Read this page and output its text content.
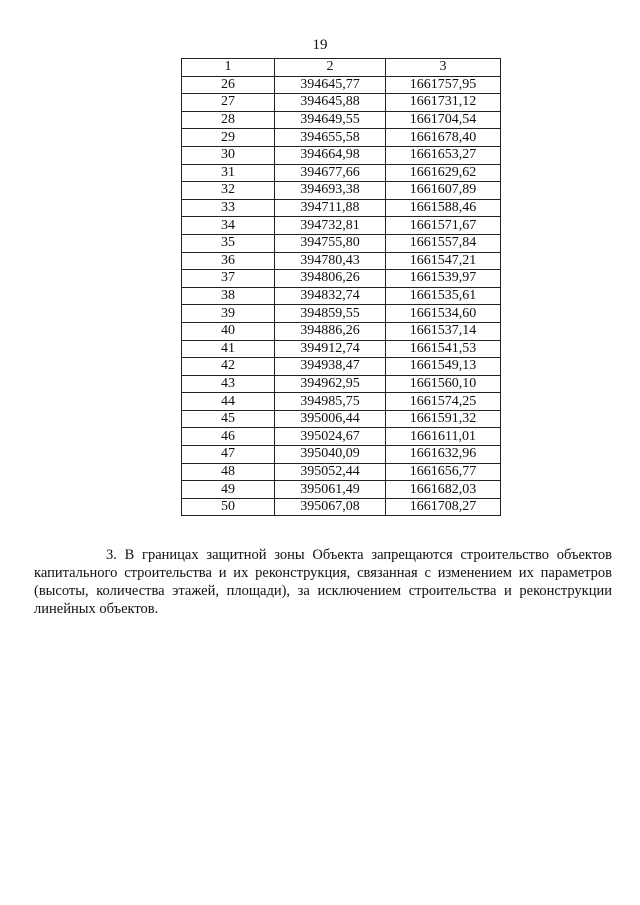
19
1	2	3
26	394645,77	1661757,95
27	394645,88	1661731,12
28	394649,55	1661704,54
29	394655,58	1661678,40
30	394664,98	1661653,27
31	394677,66	1661629,62
32	394693,38	1661607,89
33	394711,88	1661588,46
34	394732,81	1661571,67
35	394755,80	1661557,84
36	394780,43	1661547,21
37	394806,26	1661539,97
38	394832,74	1661535,61
39	394859,55	1661534,60
40	394886,26	1661537,14
41	394912,74	1661541,53
42	394938,47	1661549,13
43	394962,95	1661560,10
44	394985,75	1661574,25
45	395006,44	1661591,32
46	395024,67	1661611,01
47	395040,09	1661632,96
48	395052,44	1661656,77
49	395061,49	1661682,03
50	395067,08	1661708,27

3. В границах защитной зоны Объекта запрещаются строительство объектов капитального строительства и их реконструкция, связанная с изменением их параметров (высоты, количества этажей, площади), за исключением строительства и реконструкции линейных объектов.
